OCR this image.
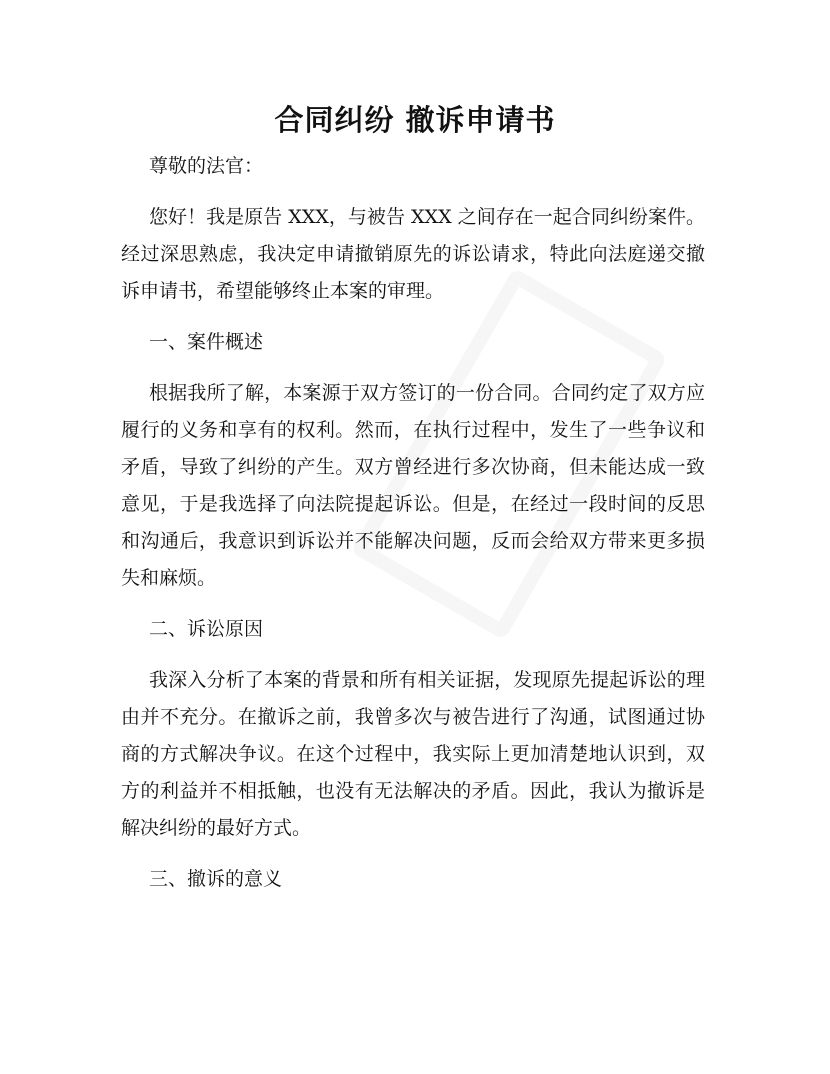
合同纠纷 撤诉申请书
尊敬的法官：
您好！我是原告 XXX，与被告 XXX 之间存在一起合同纠纷案件。
经过深思熟虑，我决定申请撤销原先的诉讼请求，特此向法庭递交撤
诉申请书，希望能够终止本案的审理。
一、案件概述
根据我所了解，本案源于双方签订的一份合同。合同约定了双方应
履行的义务和享有的权利。然而，在执行过程中，发生了一些争议和
矛盾，导致了纠纷的产生。双方曾经进行多次协商，但未能达成一致
意见，于是我选择了向法院提起诉讼。但是，在经过一段时间的反思
和沟通后，我意识到诉讼并不能解决问题，反而会给双方带来更多损
失和麻烦。
二、诉讼原因
我深入分析了本案的背景和所有相关证据，发现原先提起诉讼的理
由并不充分。在撤诉之前，我曾多次与被告进行了沟通，试图通过协
商的方式解决争议。在这个过程中，我实际上更加清楚地认识到，双
方的利益并不相抵触，也没有无法解决的矛盾。因此，我认为撤诉是
解决纠纷的最好方式。
三、撤诉的意义
